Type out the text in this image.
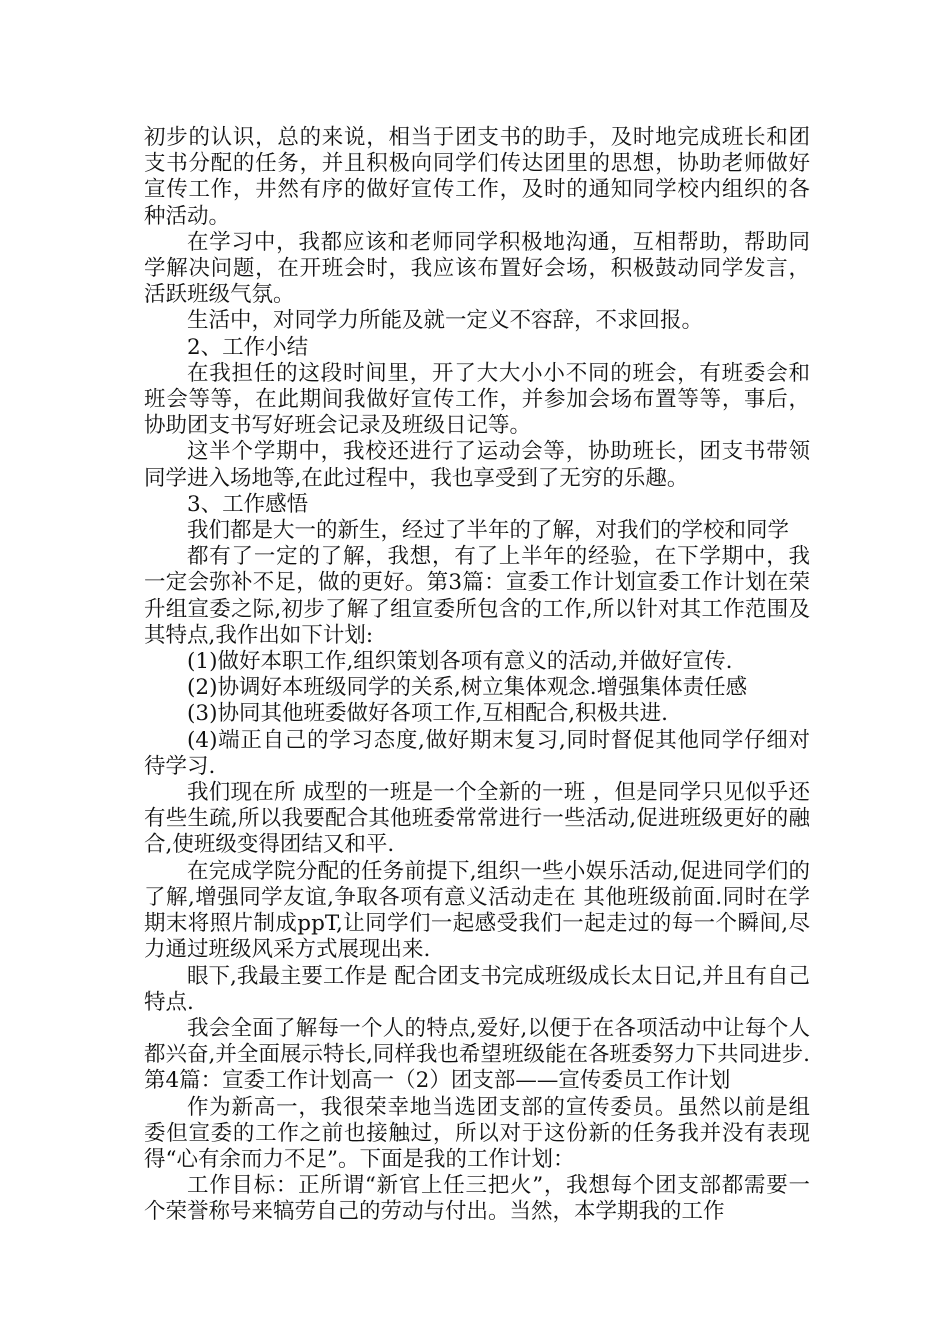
初步的认识，总的来说，相当于团支书的助手，及时地完成班长和团支书分配的任务，并且积极向同学们传达团里的思想，协助老师做好宣传工作，井然有序的做好宣传工作，及时的通知同学校内组织的各种活动。

在学习中，我都应该和老师同学积极地沟通，互相帮助，帮助同学解决问题，在开班会时，我应该布置好会场，积极鼓动同学发言，活跃班级气氛。

生活中，对同学力所能及就一定义不容辞，不求回报。

2、工作小结

在我担任的这段时间里，开了大大小小不同的班会，有班委会和班会等等，在此期间我做好宣传工作，并参加会场布置等等，事后，协助团支书写好班会记录及班级日记等。

这半个学期中，我校还进行了运动会等，协助班长，团支书带领同学进入场地等,在此过程中，我也享受到了无穷的乐趣。

3、工作感悟

我们都是大一的新生，经过了半年的了解，对我们的学校和同学

都有了一定的了解，我想，有了上半年的经验，在下学期中，我一定会弥补不足，做的更好。第3篇：宣委工作计划宣委工作计划在荣升组宣委之际,初步了解了组宣委所包含的工作,所以针对其工作范围及其特点,我作出如下计划:

(1)做好本职工作,组织策划各项有意义的活动,并做好宣传.

(2)协调好本班级同学的关系,树立集体观念.增强集体责任感

(3)协同其他班委做好各项工作,互相配合,积极共进.

(4)端正自己的学习态度,做好期末复习,同时督促其他同学仔细对待学习.

我们现在所 成型的一班是一个全新的一班 ，但是同学只见似乎还有些生疏,所以我要配合其他班委常常进行一些活动,促进班级更好的融合,使班级变得团结又和平.

在完成学院分配的任务前提下,组织一些小娱乐活动,促进同学们的了解,增强同学友谊,争取各项有意义活动走在 其他班级前面.同时在学期末将照片制成ppT,让同学们一起感受我们一起走过的每一个瞬间,尽力通过班级风采方式展现出来.

眼下,我最主要工作是 配合团支书完成班级成长太日记,并且有自己特点.

我会全面了解每一个人的特点,爱好,以便于在各项活动中让每个人都兴奋,并全面展示特长,同样我也希望班级能在各班委努力下共同进步.第4篇：宣委工作计划高一（2）团支部——宣传委员工作计划

作为新高一，我很荣幸地当选团支部的宣传委员。虽然以前是组委但宣委的工作之前也接触过，所以对于这份新的任务我并没有表现得“心有余而力不足”。下面是我的工作计划：

工作目标：正所谓“新官上任三把火”，我想每个团支部都需要一个荣誉称号来犒劳自己的劳动与付出。当然，本学期我的工作
